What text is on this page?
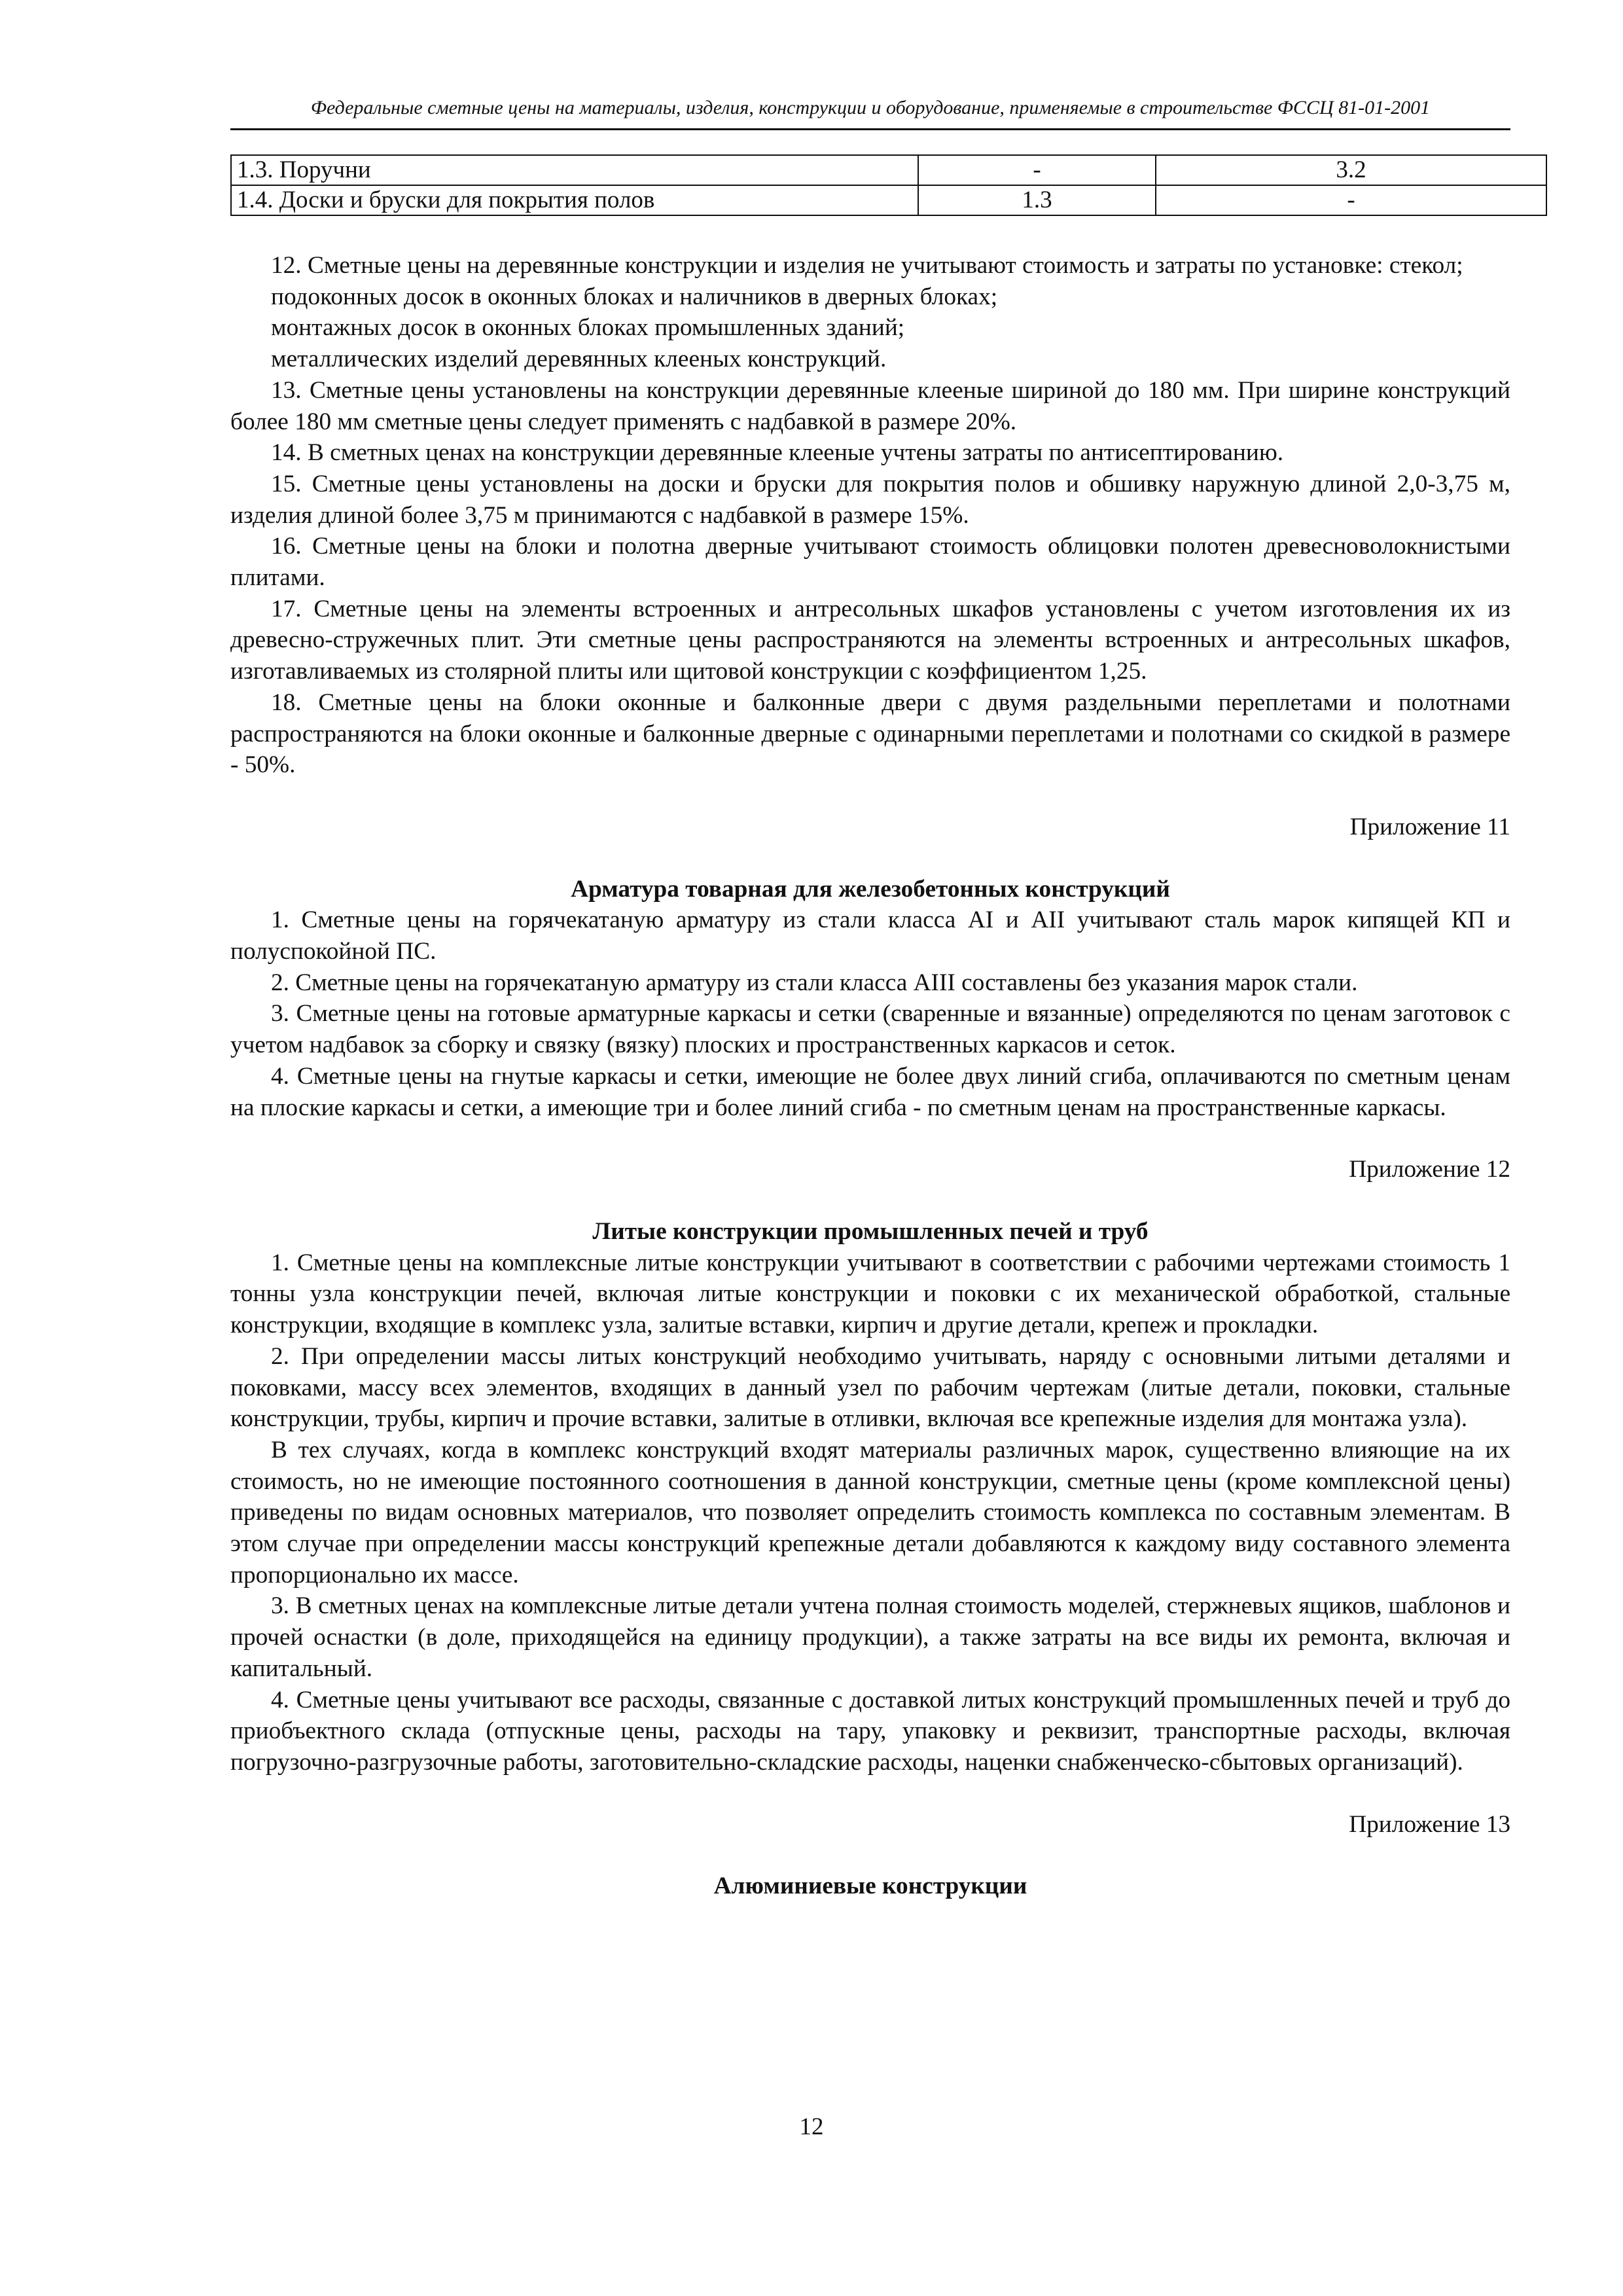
Федеральные сметные цены на материалы, изделия, конструкции и оборудование, применяемые в строительстве ФССЦ 81-01-2001
1.3. Поручни	-	3.2
1.4. Доски и бруски для покрытия полов	1.3	-

12. Сметные цены на деревянные конструкции и изделия не учитывают стоимость и затраты по установке: стекол;

подоконных досок в оконных блоках и наличников в дверных блоках;

монтажных досок в оконных блоках промышленных зданий;

металлических изделий деревянных клееных конструкций.

13. Сметные цены установлены на конструкции деревянные клееные шириной до 180 мм. При ширине конструкций более 180 мм сметные цены следует применять с надбавкой в размере 20%.

14. В сметных ценах на конструкции деревянные клееные учтены затраты по антисептированию.

15. Сметные цены установлены на доски и бруски для покрытия полов и обшивку наружную длиной 2,0-3,75 м, изделия длиной более 3,75 м принимаются с надбавкой в размере 15%.

16. Сметные цены на блоки и полотна дверные учитывают стоимость облицовки полотен древесноволокнистыми плитами.

17. Сметные цены на элементы встроенных и антресольных шкафов установлены с учетом изготовления их из древесно-стружечных плит. Эти сметные цены распространяются на элементы встроенных и антресольных шкафов, изготавливаемых из столярной плиты или щитовой конструкции с коэффициентом 1,25.

18. Сметные цены на блоки оконные и балконные двери с двумя раздельными переплетами и полотнами распространяются на блоки оконные и балконные дверные с одинарными переплетами и полотнами со скидкой в размере - 50%.

Приложение 11

Арматура товарная для железобетонных конструкций

1. Сметные цены на горячекатаную арматуру из стали класса AI и AII учитывают сталь марок кипящей КП и полуспокойной ПС.

2. Сметные цены на горячекатаную арматуру из стали класса AIII составлены без указания марок стали.

3. Сметные цены на готовые арматурные каркасы и сетки (сваренные и вязанные) определяются по ценам заготовок с учетом надбавок за сборку и связку (вязку) плоских и пространственных каркасов и сеток.

4. Сметные цены на гнутые каркасы и сетки, имеющие не более двух линий сгиба, оплачиваются по сметным ценам на плоские каркасы и сетки, а имеющие три и более линий сгиба - по сметным ценам на пространственные каркасы.

Приложение 12

Литые конструкции промышленных печей и труб

1. Сметные цены на комплексные литые конструкции учитывают в соответствии с рабочими чертежами стоимость 1 тонны узла конструкции печей, включая литые конструкции и поковки с их механической обработкой, стальные конструкции, входящие в комплекс узла, залитые вставки, кирпич и другие детали, крепеж и прокладки.

2. При определении массы литых конструкций необходимо учитывать, наряду с основными литыми деталями и поковками, массу всех элементов, входящих в данный узел по рабочим чертежам (литые детали, поковки, стальные конструкции, трубы, кирпич и прочие вставки, залитые в отливки, включая все крепежные изделия для монтажа узла).

В тех случаях, когда в комплекс конструкций входят материалы различных марок, существенно влияющие на их стоимость, но не имеющие постоянного соотношения в данной конструкции, сметные цены (кроме комплексной цены) приведены по видам основных материалов, что позволяет определить стоимость комплекса по составным элементам. В этом случае при определении массы конструкций крепежные детали добавляются к каждому виду составного элемента пропорционально их массе.

3. В сметных ценах на комплексные литые детали учтена полная стоимость моделей, стержневых ящиков, шаблонов и прочей оснастки (в доле, приходящейся на единицу продукции), а также затраты на все виды их ремонта, включая и капитальный.

4. Сметные цены учитывают все расходы, связанные с доставкой литых конструкций промышленных печей и труб до приобъектного склада (отпускные цены, расходы на тару, упаковку и реквизит, транспортные расходы, включая погрузочно-разгрузочные работы, заготовительно-складские расходы, наценки снабженческо-сбытовых организаций).

Приложение 13

Алюминиевые конструкции

12
